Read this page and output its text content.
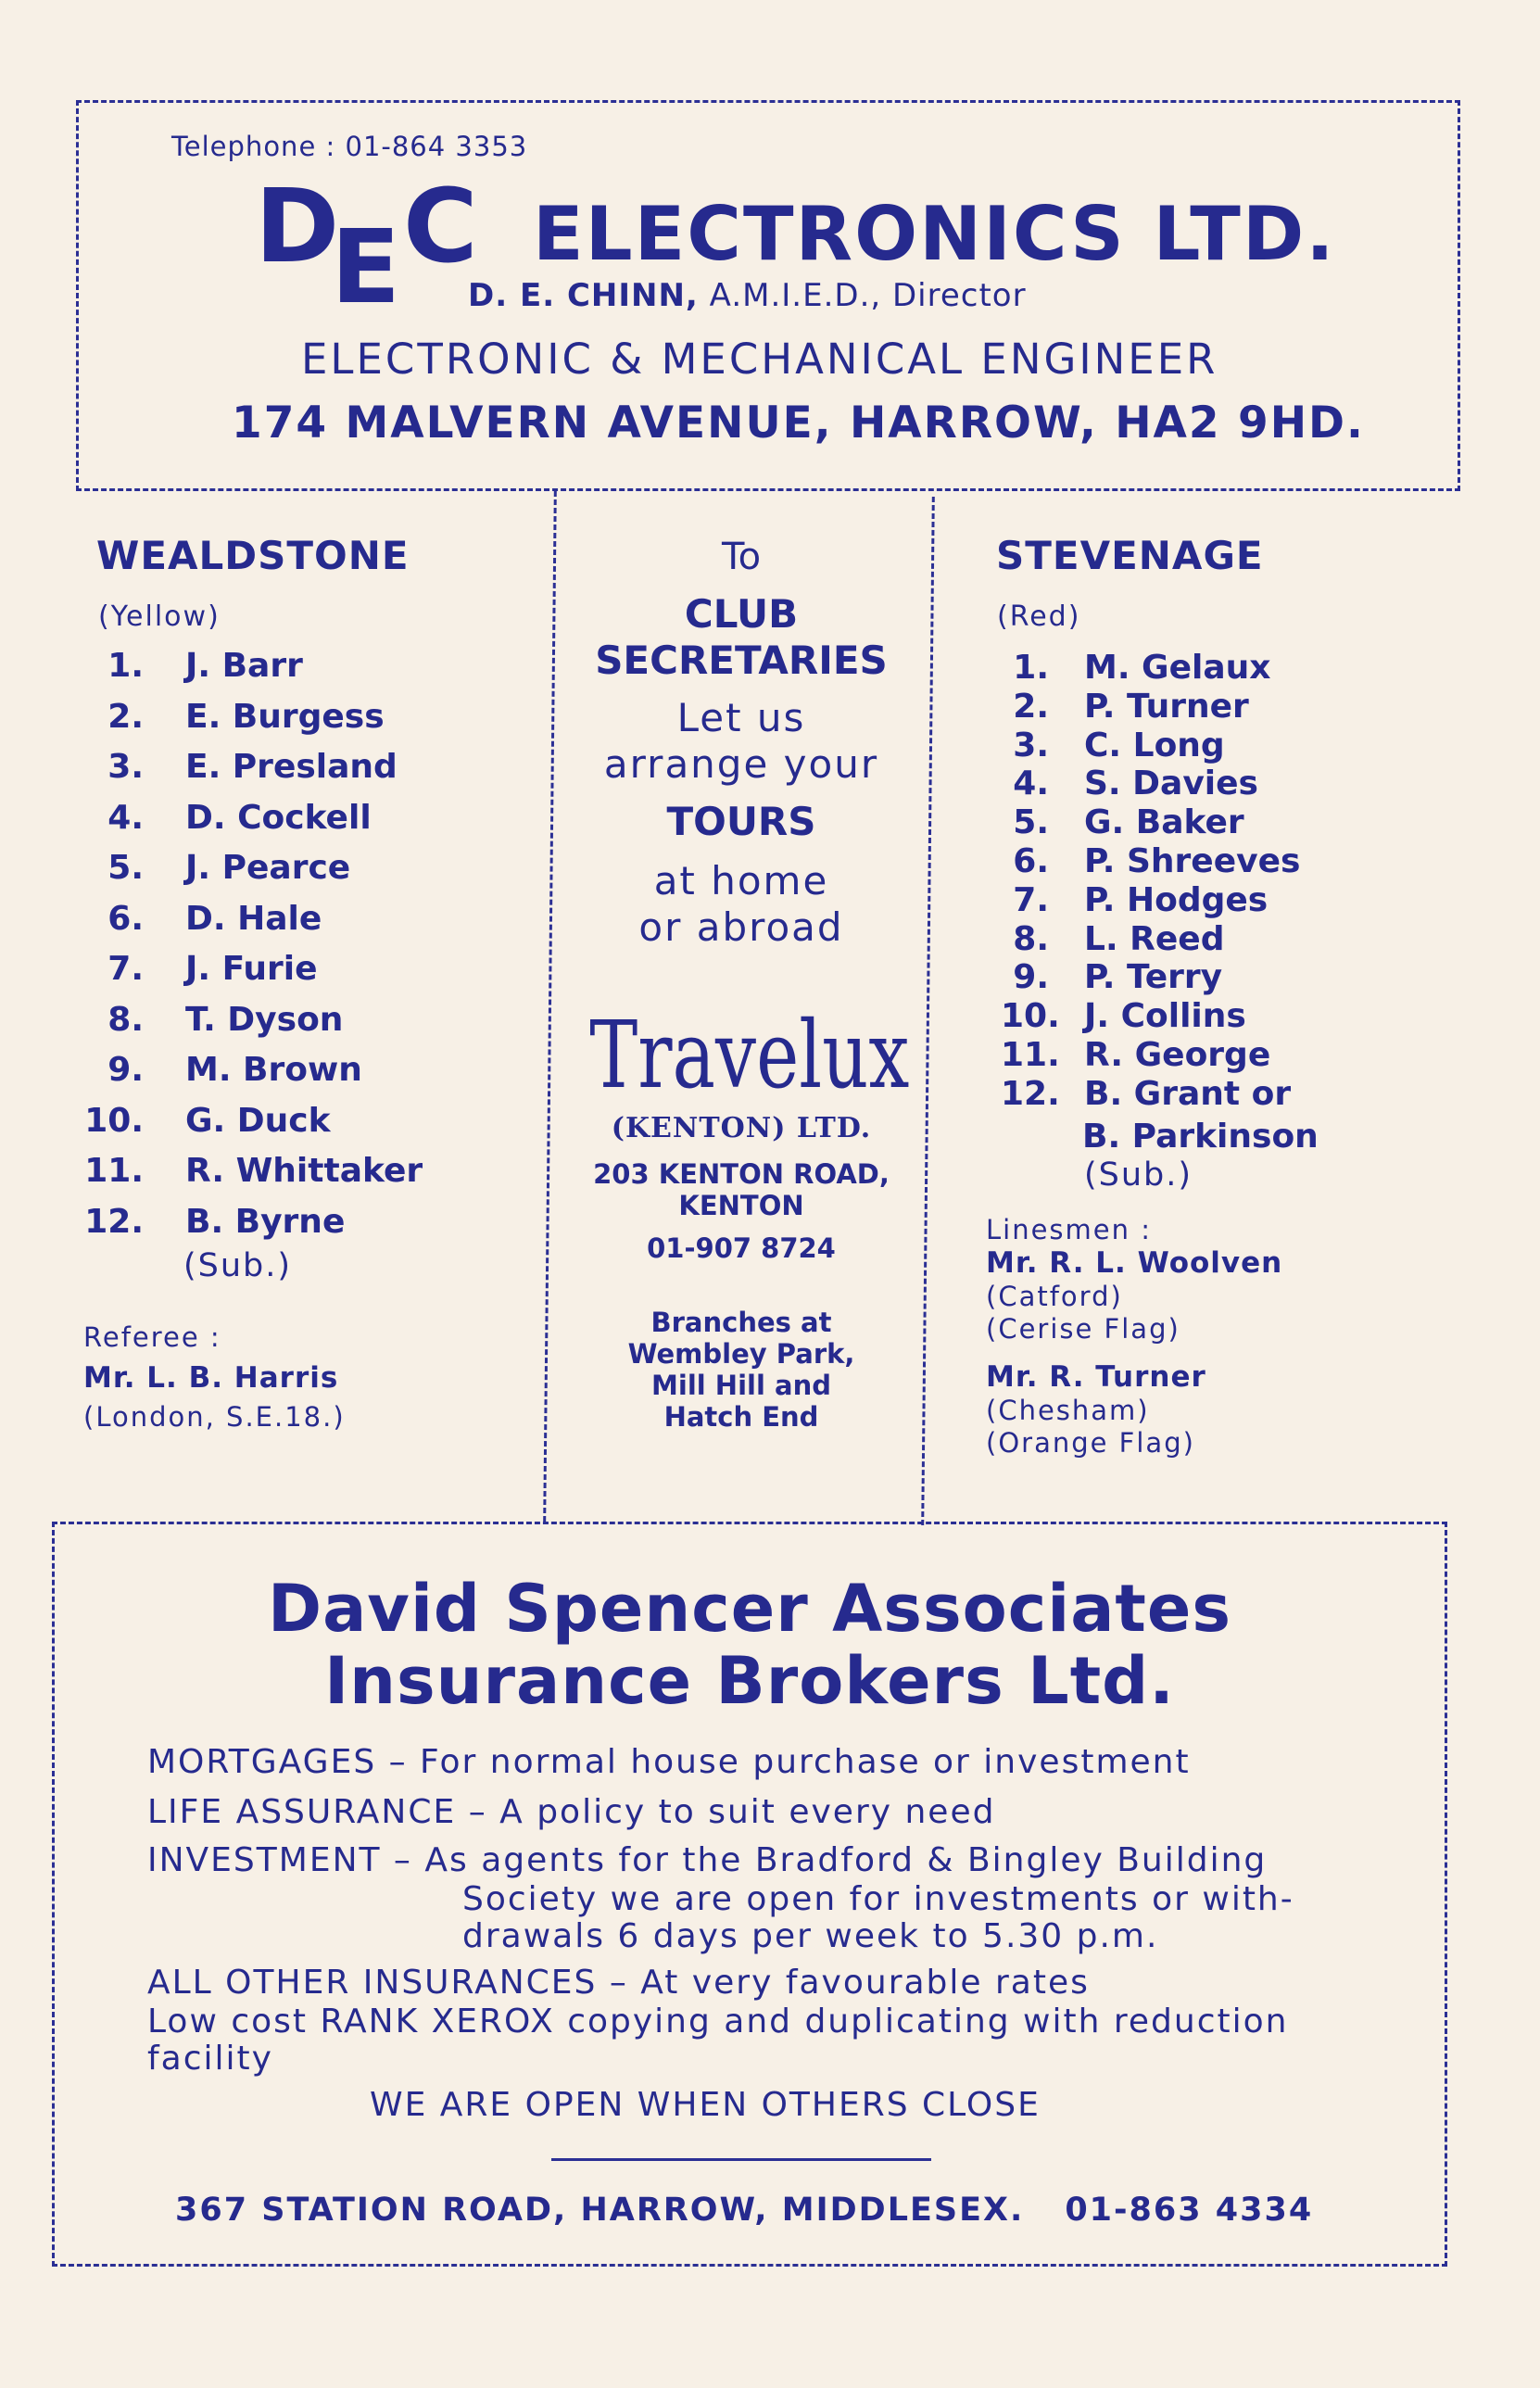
Telephone : 01-864 3353
D
E C ELECTRONICS LTD.
D. E. CHINN, A.M.I.E.D., Director
ELECTRONIC & MECHANICAL ENGINEER
174 MALVERN AVENUE, HARROW, HA2 9HD.
WEALDSTONE
(Yellow)
1. J. Barr
2. E. Burgess
3. E. Presland
4. D. Cockell
5. J. Pearce
6. D. Hale
7. J. Furie
8. T. Dyson
9. M. Brown
10. G. Duck
11. R. Whittaker
12. B. Byrne
(Sub.)
Referee :
Mr. L. B. Harris
(London, S.E.18.)
To
CLUB
SECRETARIES
Let us
arrange your
TOURS
at home
or abroad
Travelux
(KENTON) LTD.
203 KENTON ROAD,
KENTON
01-907 8724
Branches at
Wembley Park,
Mill Hill and
Hatch End
STEVENAGE
(Red)
1. M. Gelaux
2. P. Turner
3. C. Long
4. S. Davies
5. G. Baker
6. P. Shreeves
7. P. Hodges
8. L. Reed
9. P. Terry
10. J. Collins
11. R. George
12. B. Grant or
B. Parkinson
(Sub.)
Linesmen :
Mr. R. L. Woolven
(Catford)
(Cerise Flag)
Mr. R. Turner
(Chesham)
(Orange Flag)
David Spencer Associates
Insurance Brokers Ltd.
MORTGAGES – For normal house purchase or investment
LIFE ASSURANCE – A policy to suit every need
INVESTMENT – As agents for the Bradford & Bingley Building
Society we are open for investments or with-
drawals 6 days per week to 5.30 p.m.
ALL OTHER INSURANCES – At very favourable rates
Low cost RANK XEROX copying and duplicating with reduction
facility
WE ARE OPEN WHEN OTHERS CLOSE
367 STATION ROAD, HARROW, MIDDLESEX. 01-863 4334
